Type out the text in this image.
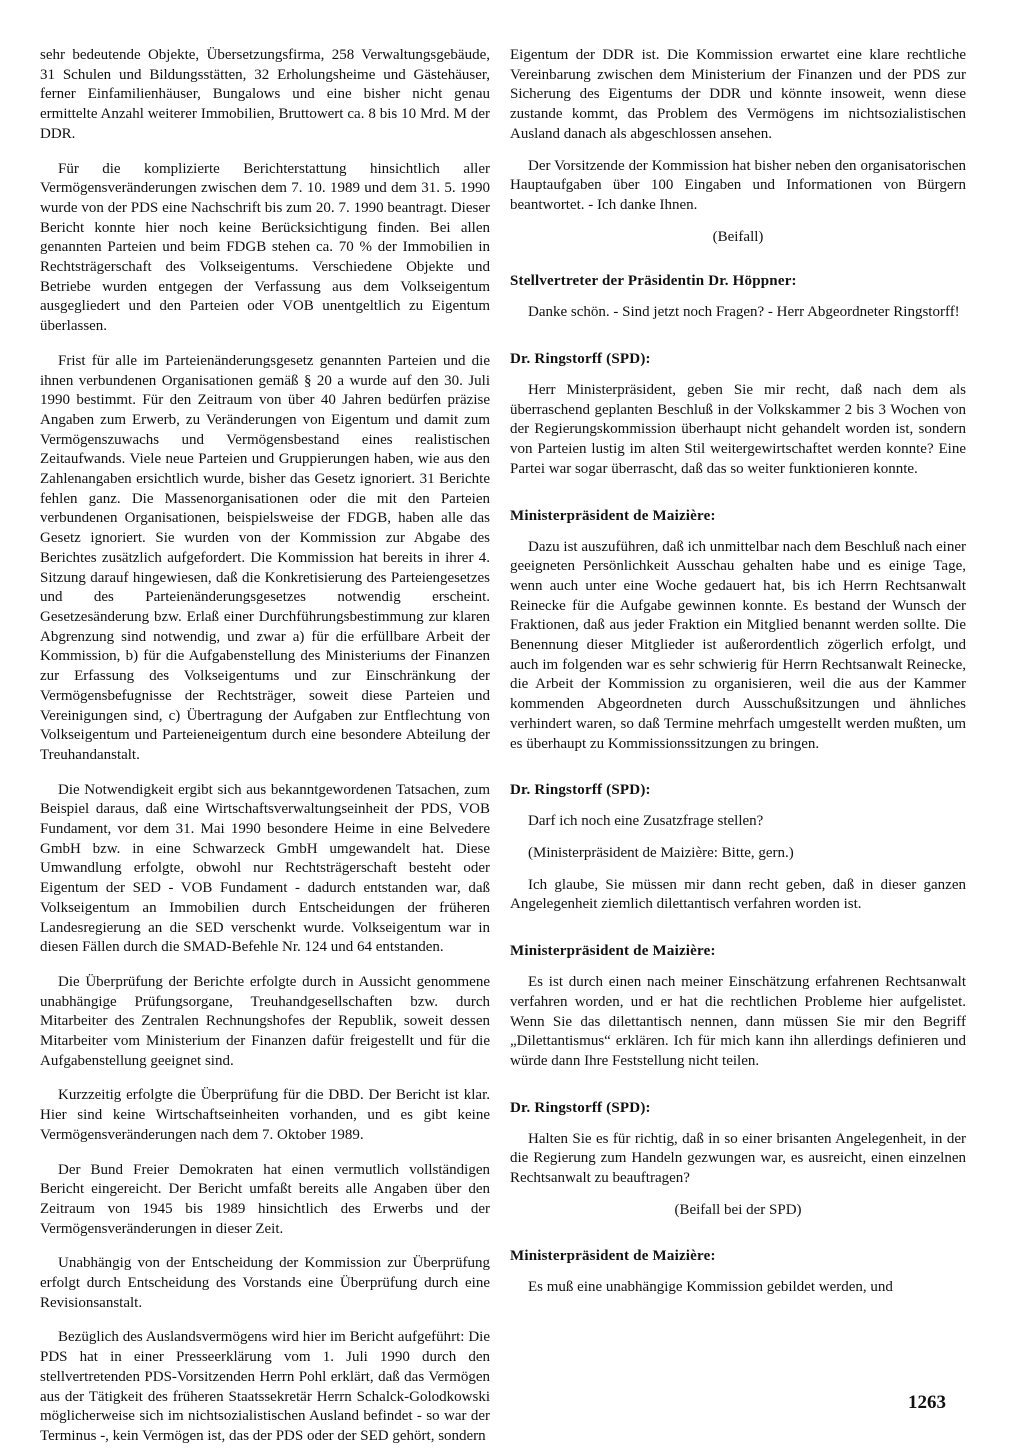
sehr bedeutende Objekte, Übersetzungsfirma, 258 Verwaltungsgebäude, 31 Schulen und Bildungsstätten, 32 Erholungsheime und Gästehäuser, ferner Einfamilienhäuser, Bungalows und eine bisher nicht genau ermittelte Anzahl weiterer Immobilien, Bruttowert ca. 8 bis 10 Mrd. M der DDR.

Für die komplizierte Berichterstattung hinsichtlich aller Vermögensveränderungen zwischen dem 7. 10. 1989 und dem 31. 5. 1990 wurde von der PDS eine Nachschrift bis zum 20. 7. 1990 beantragt. Dieser Bericht konnte hier noch keine Berücksichtigung finden. Bei allen genannten Parteien und beim FDGB stehen ca. 70 % der Immobilien in Rechtsträgerschaft des Volkseigentums. Verschiedene Objekte und Betriebe wurden entgegen der Verfassung aus dem Volkseigentum ausgegliedert und den Parteien oder VOB unentgeltlich zu Eigentum überlassen.

Frist für alle im Parteienänderungsgesetz genannten Parteien und die ihnen verbundenen Organisationen gemäß § 20 a wurde auf den 30. Juli 1990 bestimmt. Für den Zeitraum von über 40 Jahren bedürfen präzise Angaben zum Erwerb, zu Veränderungen von Eigentum und damit zum Vermögenszuwachs und Vermögensbestand eines realistischen Zeitaufwands. Viele neue Parteien und Gruppierungen haben, wie aus den Zahlenangaben ersichtlich wurde, bisher das Gesetz ignoriert. 31 Berichte fehlen ganz. Die Massenorganisationen oder die mit den Parteien verbundenen Organisationen, beispielsweise der FDGB, haben alle das Gesetz ignoriert. Sie wurden von der Kommission zur Abgabe des Berichtes zusätzlich aufgefordert. Die Kommission hat bereits in ihrer 4. Sitzung darauf hingewiesen, daß die Konkretisierung des Parteiengesetzes und des Parteienänderungsgesetzes notwendig erscheint. Gesetzesänderung bzw. Erlaß einer Durchführungsbestimmung zur klaren Abgrenzung sind notwendig, und zwar a) für die erfüllbare Arbeit der Kommission, b) für die Aufgabenstellung des Ministeriums der Finanzen zur Erfassung des Volkseigentums und zur Einschränkung der Vermögensbefugnisse der Rechtsträger, soweit diese Parteien und Vereinigungen sind, c) Übertragung der Aufgaben zur Entflechtung von Volkseigentum und Parteieneigentum durch eine besondere Abteilung der Treuhandanstalt.

Die Notwendigkeit ergibt sich aus bekanntgewordenen Tatsachen, zum Beispiel daraus, daß eine Wirtschaftsverwaltungseinheit der PDS, VOB Fundament, vor dem 31. Mai 1990 besondere Heime in eine Belvedere GmbH bzw. in eine Schwarzeck GmbH umgewandelt hat. Diese Umwandlung erfolgte, obwohl nur Rechtsträgerschaft besteht oder Eigentum der SED - VOB Fundament - dadurch entstanden war, daß Volkseigentum an Immobilien durch Entscheidungen der früheren Landesregierung an die SED verschenkt wurde. Volkseigentum war in diesen Fällen durch die SMAD-Befehle Nr. 124 und 64 entstanden.

Die Überprüfung der Berichte erfolgte durch in Aussicht genommene unabhängige Prüfungsorgane, Treuhandgesellschaften bzw. durch Mitarbeiter des Zentralen Rechnungshofes der Republik, soweit dessen Mitarbeiter vom Ministerium der Finanzen dafür freigestellt und für die Aufgabenstellung geeignet sind.

Kurzzeitig erfolgte die Überprüfung für die DBD. Der Bericht ist klar. Hier sind keine Wirtschaftseinheiten vorhanden, und es gibt keine Vermögensveränderungen nach dem 7. Oktober 1989.

Der Bund Freier Demokraten hat einen vermutlich vollständigen Bericht eingereicht. Der Bericht umfaßt bereits alle Angaben über den Zeitraum von 1945 bis 1989 hinsichtlich des Erwerbs und der Vermögensveränderungen in dieser Zeit.

Unabhängig von der Entscheidung der Kommission zur Überprüfung erfolgt durch Entscheidung des Vorstands eine Überprüfung durch eine Revisionsanstalt.

Bezüglich des Auslandsvermögens wird hier im Bericht aufgeführt: Die PDS hat in einer Presseerklärung vom 1. Juli 1990 durch den stellvertretenden PDS-Vorsitzenden Herrn Pohl erklärt, daß das Vermögen aus der Tätigkeit des früheren Staatssekretär Herrn Schalck-Golodkowski möglicherweise sich im nichtsozialistischen Ausland befindet - so war der Terminus -, kein Vermögen ist, das der PDS oder der SED gehört, sondern

Eigentum der DDR ist. Die Kommission erwartet eine klare rechtliche Vereinbarung zwischen dem Ministerium der Finanzen und der PDS zur Sicherung des Eigentums der DDR und könnte insoweit, wenn diese zustande kommt, das Problem des Vermögens im nichtsozialistischen Ausland danach als abgeschlossen ansehen.

Der Vorsitzende der Kommission hat bisher neben den organisatorischen Hauptaufgaben über 100 Eingaben und Informationen von Bürgern beantwortet. - Ich danke Ihnen.

(Beifall)

Stellvertreter der Präsidentin Dr. Höppner:

Danke schön. - Sind jetzt noch Fragen? - Herr Abgeordneter Ringstorff!

Dr. Ringstorff (SPD):

Herr Ministerpräsident, geben Sie mir recht, daß nach dem als überraschend geplanten Beschluß in der Volkskammer 2 bis 3 Wochen von der Regierungskommission überhaupt nicht gehandelt worden ist, sondern von Parteien lustig im alten Stil weitergewirtschaftet werden konnte? Eine Partei war sogar überrascht, daß das so weiter funktionieren konnte.

Ministerpräsident de Maizière:

Dazu ist auszuführen, daß ich unmittelbar nach dem Beschluß nach einer geeigneten Persönlichkeit Ausschau gehalten habe und es einige Tage, wenn auch unter eine Woche gedauert hat, bis ich Herrn Rechtsanwalt Reinecke für die Aufgabe gewinnen konnte. Es bestand der Wunsch der Fraktionen, daß aus jeder Fraktion ein Mitglied benannt werden sollte. Die Benennung dieser Mitglieder ist außerordentlich zögerlich erfolgt, und auch im folgenden war es sehr schwierig für Herrn Rechtsanwalt Reinecke, die Arbeit der Kommission zu organisieren, weil die aus der Kammer kommenden Abgeordneten durch Ausschußsitzungen und ähnliches verhindert waren, so daß Termine mehrfach umgestellt werden mußten, um es überhaupt zu Kommissionssitzungen zu bringen.

Dr. Ringstorff (SPD):

Darf ich noch eine Zusatzfrage stellen?

(Ministerpräsident de Maizière: Bitte, gern.)

Ich glaube, Sie müssen mir dann recht geben, daß in dieser ganzen Angelegenheit ziemlich dilettantisch verfahren worden ist.

Ministerpräsident de Maizière:

Es ist durch einen nach meiner Einschätzung erfahrenen Rechtsanwalt verfahren worden, und er hat die rechtlichen Probleme hier aufgelistet. Wenn Sie das dilettantisch nennen, dann müssen Sie mir den Begriff „Dilettantismus“ erklären. Ich für mich kann ihn allerdings definieren und würde dann Ihre Feststellung nicht teilen.

Dr. Ringstorff (SPD):

Halten Sie es für richtig, daß in so einer brisanten Angelegenheit, in der die Regierung zum Handeln gezwungen war, es ausreicht, einen einzelnen Rechtsanwalt zu beauftragen?

(Beifall bei der SPD)

Ministerpräsident de Maizière:

Es muß eine unabhängige Kommission gebildet werden, und

1263
